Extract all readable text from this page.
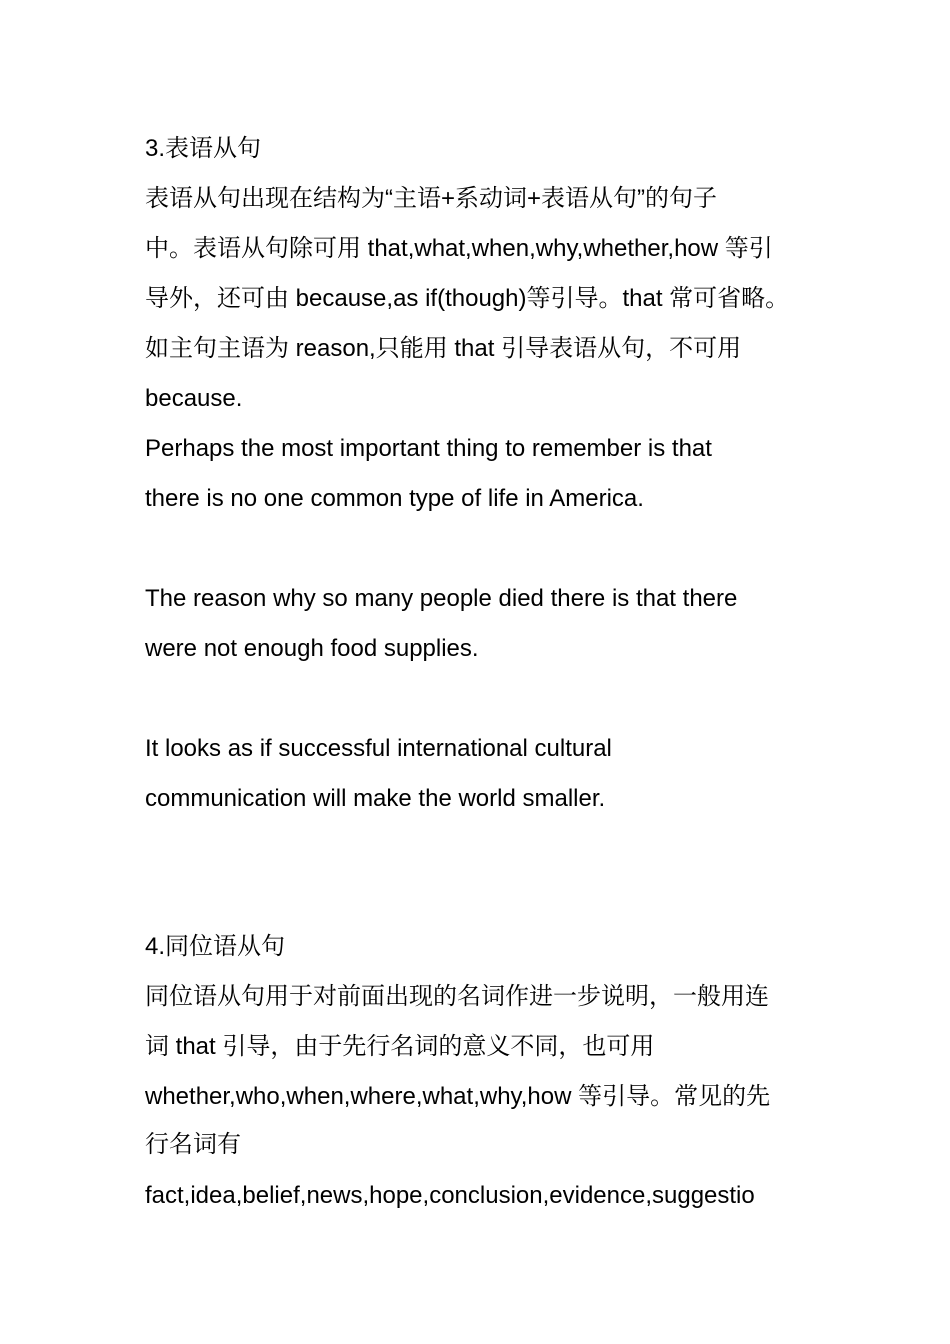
3.表语从句
表语从句出现在结构为“主语+系动词+表语从句”的句子
中。表语从句除可用 that,what,when,why,whether,how 等引
导外，还可由 because,as if(though)等引导。that 常可省略。
如主句主语为 reason,只能用 that 引导表语从句，不可用
because.
Perhaps the most important thing to remember is that
there is no one common type of life in America.
The reason why so many people died there is that there
were not enough food supplies.
It looks as if successful international cultural
communication will make the world smaller.
4.同位语从句
同位语从句用于对前面出现的名词作进一步说明，一般用连
词 that 引导，由于先行名词的意义不同，也可用
whether,who,when,where,what,why,how 等引导。常见的先
行名词有
fact,idea,belief,news,hope,conclusion,evidence,suggestio
